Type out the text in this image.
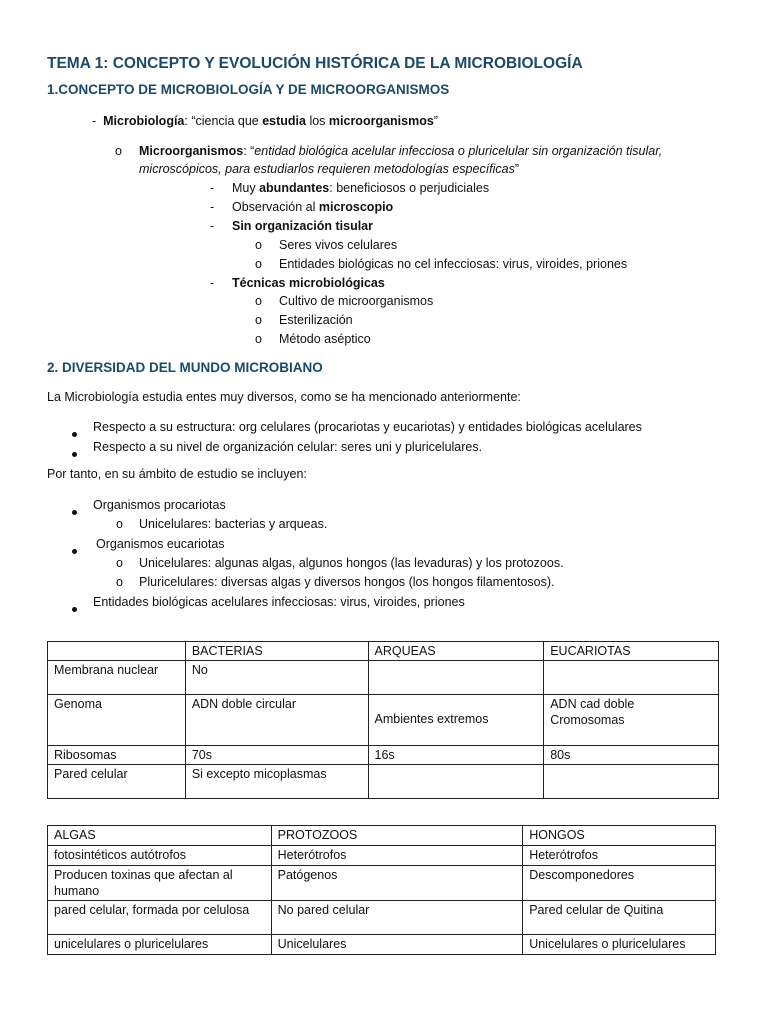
TEMA 1: CONCEPTO Y EVOLUCIÓN HISTÓRICA DE LA MICROBIOLOGÍA
1.CONCEPTO DE MICROBIOLOGÍA Y DE MICROORGANISMOS
- Microbiología: “ciencia que estudia los microorganismos”
o Microorganismos: “entidad biológica acelular infecciosa o pluricelular sin organización tisular,
microscópicos, para estudiarlos requieren metodologías específicas”
- Muy abundantes: beneficiosos o perjudiciales
- Observación al microscopio
- Sin organización tisular
o Seres vivos celulares
o Entidades biológicas no cel infecciosas: virus, viroides, priones
- Técnicas microbiológicas
o Cultivo de microorganismos
o Esterilización
o Método aséptico
2. DIVERSIDAD DEL MUNDO MICROBIANO
La Microbiología estudia entes muy diversos, como se ha mencionado anteriormente:
Respecto a su estructura: org celulares (procariotas y eucariotas) y entidades biológicas acelulares
Respecto a su nivel de organización celular: seres uni y pluricelulares.
Por tanto, en su ámbito de estudio se incluyen:
Organismos procariotas
o Unicelulares: bacterias y arqueas.
Organismos eucariotas
o Unicelulares: algunas algas, algunos hongos (las levaduras) y los protozoos.
o Pluricelulares: diversas algas y diversos hongos (los hongos filamentosos).
Entidades biológicas acelulares infecciosas: virus, viroides, priones
	BACTERIAS	ARQUEAS	EUCARIOTAS
Membrana nuclear	No		
Genoma	ADN doble circular	Ambientes extremos	ADN cad doble
Cromosomas

Ribosomas	70s	16s	80s
Pared celular	Si excepto micoplasmas		
ALGAS	PROTOZOOS	HONGOS
fotosintéticos autótrofos	Heterótrofos	Heterótrofos
Producen toxinas que afectan al humano	Patógenos	Descomponedores
pared celular, formada por celulosa	No pared celular	Pared celular de Quitina
unicelulares o pluricelulares	Unicelulares	Unicelulares o pluricelulares
